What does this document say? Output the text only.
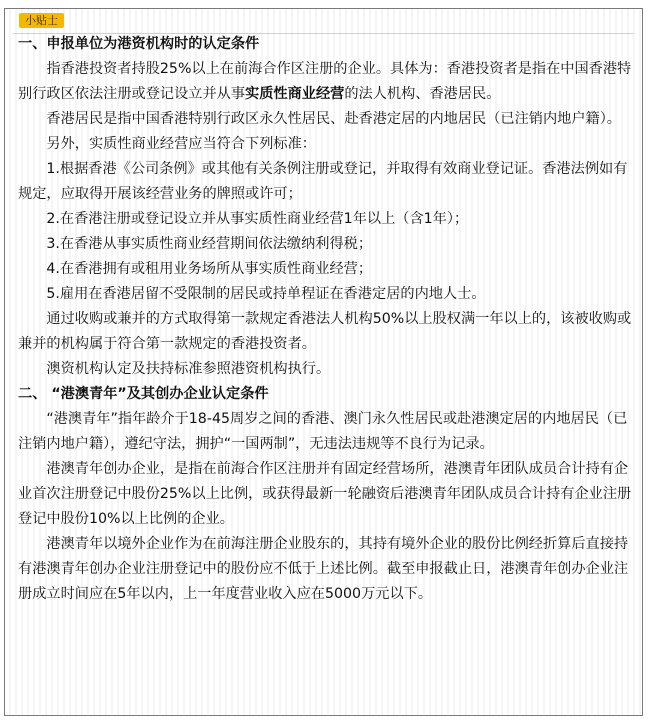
小贴士

一、申报单位为港资机构时的认定条件

指香港投资者持股25%以上在前海合作区注册的企业。具体为：香港投资者是指在中国香港特别行政区依法注册或登记设立并从事实质性商业经营的法人机构、香港居民。

香港居民是指中国香港特别行政区永久性居民、赴香港定居的内地居民（已注销内地户籍）。

另外，实质性商业经营应当符合下列标准：

1.根据香港《公司条例》或其他有关条例注册或登记，并取得有效商业登记证。香港法例如有规定，应取得开展该经营业务的牌照或许可；

2.在香港注册或登记设立并从事实质性商业经营1年以上（含1年）；

3.在香港从事实质性商业经营期间依法缴纳利得税；

4.在香港拥有或租用业务场所从事实质性商业经营；

5.雇用在香港居留不受限制的居民或持单程证在香港定居的内地人士。

通过收购或兼并的方式取得第一款规定香港法人机构50%以上股权满一年以上的，该被收购或兼并的机构属于符合第一款规定的香港投资者。

澳资机构认定及扶持标准参照港资机构执行。

二、 “港澳青年”及其创办企业认定条件

“港澳青年”指年龄介于18-45周岁之间的香港、澳门永久性居民或赴港澳定居的内地居民（已注销内地户籍），遵纪守法，拥护“一国两制”，无违法违规等不良行为记录。

港澳青年创办企业，是指在前海合作区注册并有固定经营场所，港澳青年团队成员合计持有企业首次注册登记中股份25%以上比例，或获得最新一轮融资后港澳青年团队成员合计持有企业注册登记中股份10%以上比例的企业。

港澳青年以境外企业作为在前海注册企业股东的，其持有境外企业的股份比例经折算后直接持有港澳青年创办企业注册登记中的股份应不低于上述比例。截至申报截止日，港澳青年创办企业注册成立时间应在5年以内，上一年度营业收入应在5000万元以下。
